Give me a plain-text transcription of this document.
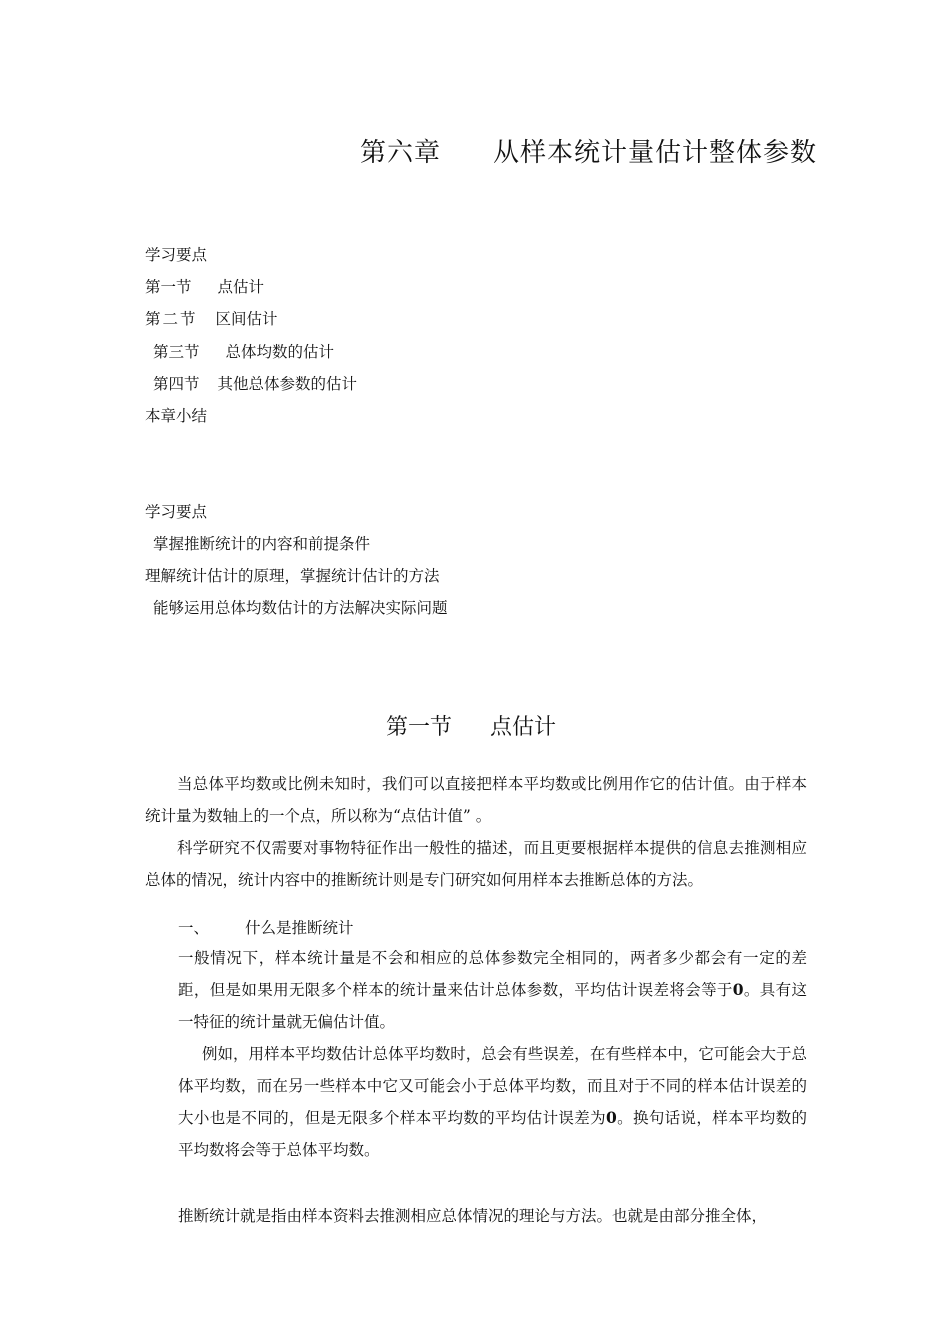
第六章 从样本统计量估计整体参数
学习要点
第一节 点估计
第二节 区间估计
第三节 总体均数的估计
第四节 其他总体参数的估计
本章小结
学习要点
掌握推断统计的内容和前提条件
理解统计估计的原理，掌握统计估计的方法
能够运用总体均数估计的方法解决实际问题
第一节 点估计

当总体平均数或比例未知时，我们可以直接把样本平均数或比例用作它的估计值。由于样本统计量为数轴上的一个点，所以称为“点估计值” 。

科学研究不仅需要对事物特征作出一般性的描述，而且更要根据样本提供的信息去推测相应总体的情况，统计内容中的推断统计则是专门研究如何用样本去推断总体的方法。

一、 什么是推断统计

一般情况下，样本统计量是不会和相应的总体参数完全相同的，两者多少都会有一定的差距，但是如果用无限多个样本的统计量来估计总体参数，平均估计误差将会等于0。具有这一特征的统计量就无偏估计值。

例如，用样本平均数估计总体平均数时，总会有些误差，在有些样本中，它可能会大于总体平均数，而在另一些样本中它又可能会小于总体平均数，而且对于不同的样本估计误差的大小也是不同的，但是无限多个样本平均数的平均估计误差为0。换句话说，样本平均数的平均数将会等于总体平均数。

推断统计就是指由样本资料去推测相应总体情况的理论与方法。也就是由部分推全体，
